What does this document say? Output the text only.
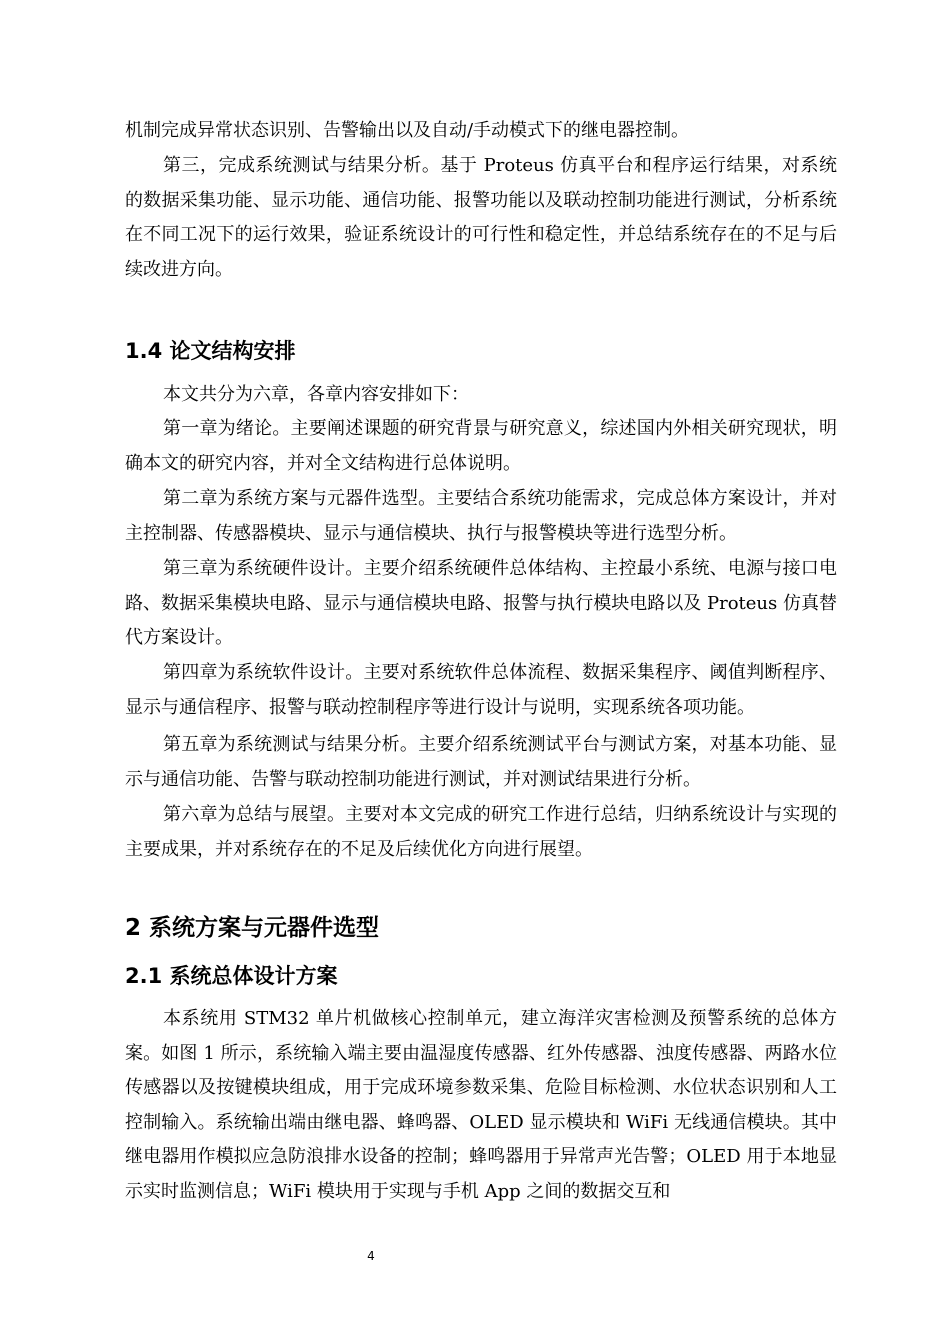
机制完成异常状态识别、告警输出以及自动/手动模式下的继电器控制。

第三，完成系统测试与结果分析。基于 Proteus 仿真平台和程序运行结果，对系统的数据采集功能、显示功能、通信功能、报警功能以及联动控制功能进行测试，分析系统在不同工况下的运行效果，验证系统设计的可行性和稳定性，并总结系统存在的不足与后续改进方向。

1.4 论文结构安排

本文共分为六章，各章内容安排如下：

第一章为绪论。主要阐述课题的研究背景与研究意义，综述国内外相关研究现状，明确本文的研究内容，并对全文结构进行总体说明。

第二章为系统方案与元器件选型。主要结合系统功能需求，完成总体方案设计，并对主控制器、传感器模块、显示与通信模块、执行与报警模块等进行选型分析。

第三章为系统硬件设计。主要介绍系统硬件总体结构、主控最小系统、电源与接口电路、数据采集模块电路、显示与通信模块电路、报警与执行模块电路以及 Proteus 仿真替代方案设计。

第四章为系统软件设计。主要对系统软件总体流程、数据采集程序、阈值判断程序、显示与通信程序、报警与联动控制程序等进行设计与说明，实现系统各项功能。

第五章为系统测试与结果分析。主要介绍系统测试平台与测试方案，对基本功能、显示与通信功能、告警与联动控制功能进行测试，并对测试结果进行分析。

第六章为总结与展望。主要对本文完成的研究工作进行总结，归纳系统设计与实现的主要成果，并对系统存在的不足及后续优化方向进行展望。

2 系统方案与元器件选型
2.1 系统总体设计方案

本系统用 STM32 单片机做核心控制单元，建立海洋灾害检测及预警系统的总体方案。如图 1 所示，系统输入端主要由温湿度传感器、红外传感器、浊度传感器、两路水位传感器以及按键模块组成，用于完成环境参数采集、危险目标检测、水位状态识别和人工控制输入。系统输出端由继电器、蜂鸣器、OLED 显示模块和 WiFi 无线通信模块。其中继电器用作模拟应急防浪排水设备的控制；蜂鸣器用于异常声光告警；OLED 用于本地显示实时监测信息；WiFi 模块用于实现与手机 App 之间的数据交互和

4
